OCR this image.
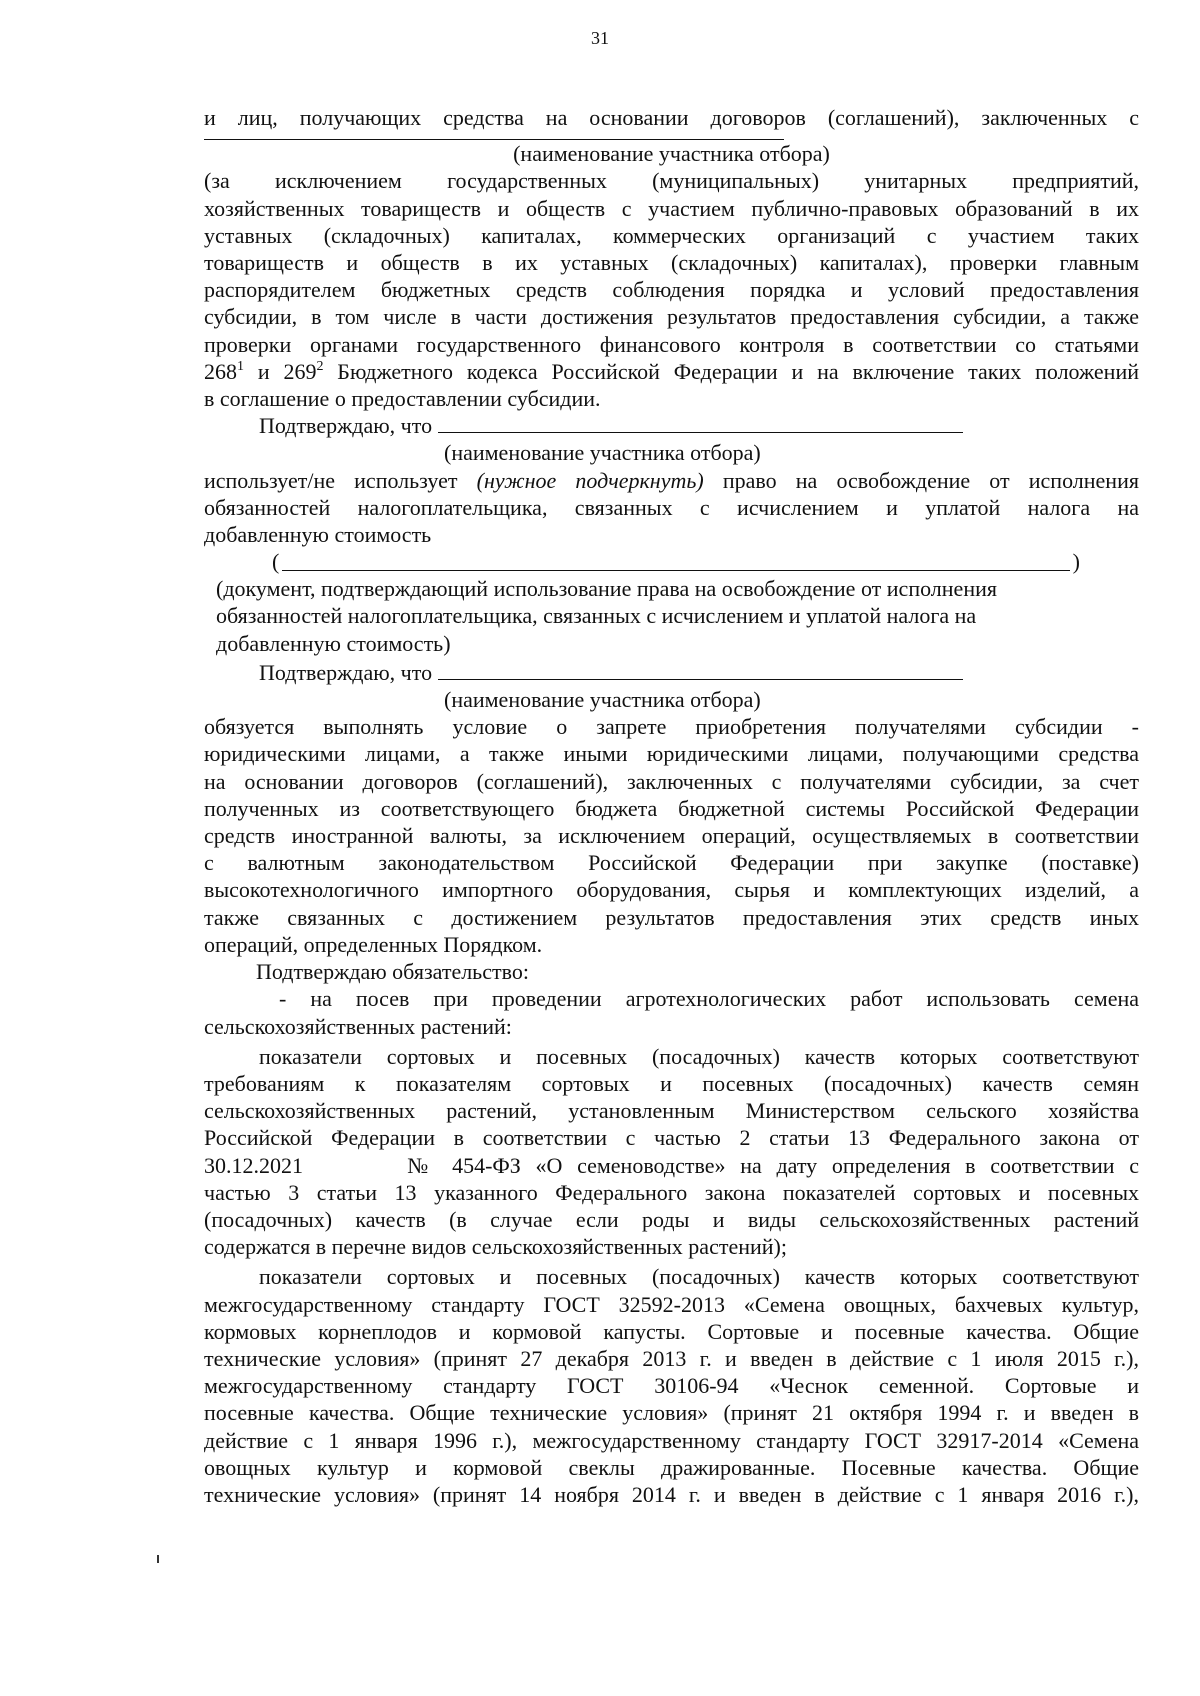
31

и лиц, получающих средства на основании договоров (соглашений), заключенных с

(наименование участника отбора)

(за исключением государственных (муниципальных) унитарных предприятий,

хозяйственных товариществ и обществ с участием публично-правовых образований в их

уставных (складочных) капиталах, коммерческих организаций с участием таких

товариществ и обществ в их уставных (складочных) капиталах), проверки главным

распорядителем бюджетных средств соблюдения порядка и условий предоставления

субсидии, в том числе в части достижения результатов предоставления субсидии, а также

проверки органами государственного финансового контроля в соответствии со статьями

$268^1$ и $269^2$ Бюджетного кодекса Российской Федерации и на включение таких положений

в соглашение о предоставлении субсидии.

Подтверждаю, что

(наименование участника отбора)

использует/не использует (нужное подчеркнуть) право на освобождение от исполнения

обязанностей налогоплательщика, связанных с исчислением и уплатой налога на

добавленную стоимость

(	)

(документ, подтверждающий использование права на освобождение от исполнения

обязанностей налогоплательщика, связанных с исчислением и уплатой налога на

добавленную стоимость)

Подтверждаю, что

(наименование участника отбора)

обязуется выполнять условие о запрете приобретения получателями субсидии -

юридическими лицами, а также иными юридическими лицами, получающими средства

на основании договоров (соглашений), заключенных с получателями субсидии, за счет

полученных из соответствующего бюджета бюджетной системы Российской Федерации

средств иностранной валюты, за исключением операций, осуществляемых в соответствии

с валютным законодательством Российской Федерации при закупке (поставке)

высокотехнологичного импортного оборудования, сырья и комплектующих изделий, а

также связанных с достижением результатов предоставления этих средств иных

операций, определенных Порядком.

Подтверждаю обязательство:

- на посев при проведении агротехнологических работ использовать семена

сельскохозяйственных растений:

показатели сортовых и посевных (посадочных) качеств которых соответствуют

требованиям к показателям сортовых и посевных (посадочных) качеств семян

сельскохозяйственных растений, установленным Министерством сельского хозяйства

Российской Федерации в соответствии с частью 2 статьи 13 Федерального закона от

30.12.2021	№ 454-ФЗ «О семеноводстве» на дату определения в соответствии с

частью 3 статьи 13 указанного Федерального закона показателей сортовых и посевных

(посадочных) качеств (в случае если роды и виды сельскохозяйственных растений

содержатся в перечне видов сельскохозяйственных растений);

показатели сортовых и посевных (посадочных) качеств которых соответствуют

межгосударственному стандарту ГОСТ 32592-2013 «Семена овощных, бахчевых культур,

кормовых корнеплодов и кормовой капусты. Сортовые и посевные качества. Общие

технические условия» (принят 27 декабря 2013 г. и введен в действие с 1 июля 2015 г.),

межгосударственному стандарту ГОСТ 30106-94 «Чеснок семенной. Сортовые и

посевные качества. Общие технические условия» (принят 21 октября 1994 г. и введен в

действие с 1 января 1996 г.), межгосударственному стандарту ГОСТ 32917-2014 «Семена

овощных культур и кормовой свеклы дражированные. Посевные качества. Общие

технические условия» (принят 14 ноября 2014 г. и введен в действие с 1 января 2016 г.),
